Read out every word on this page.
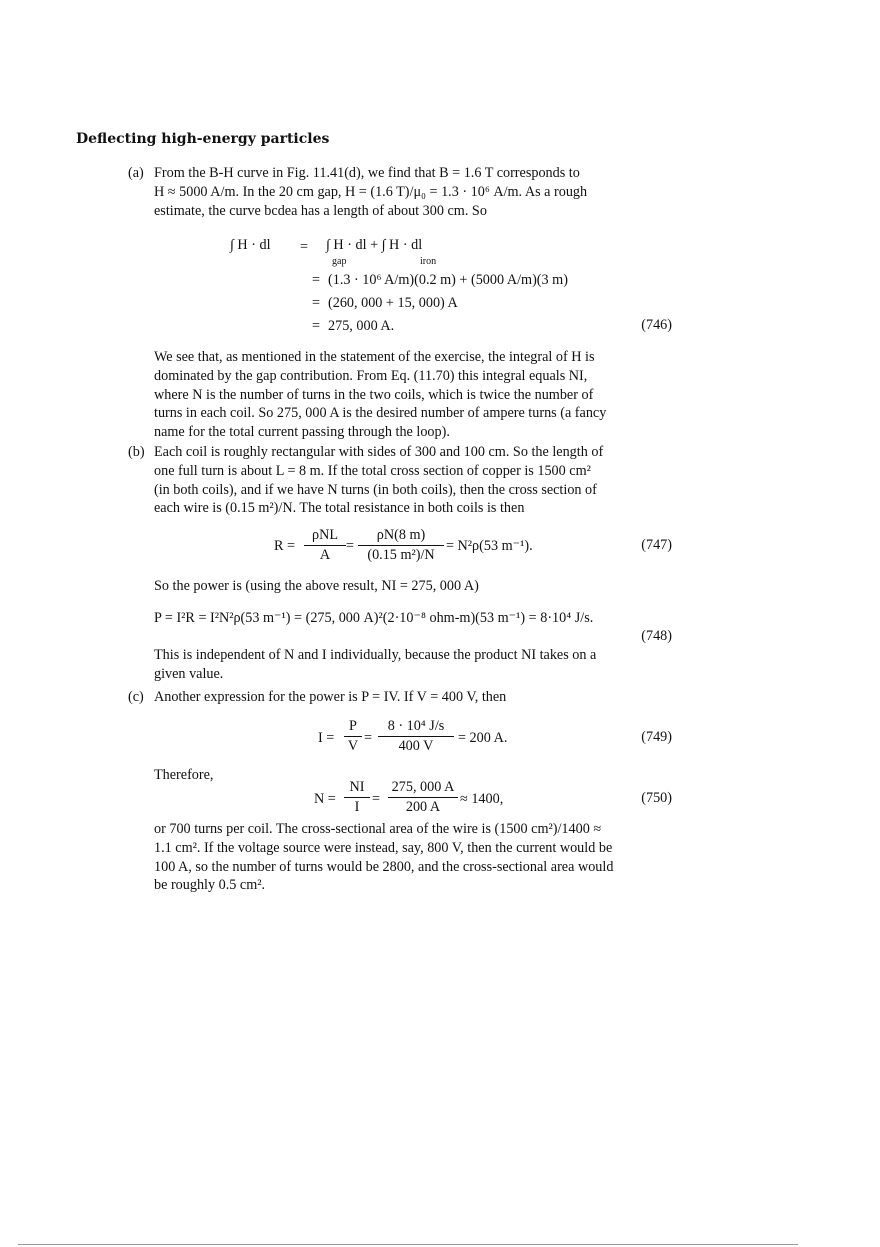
Deflecting high-energy particles
(a) From the B-H curve in Fig. 11.41(d), we find that B = 1.6 T corresponds to
H ≈ 5000 A/m. In the 20 cm gap, H = (1.6 T)/μ₀ = 1.3 · 10⁶ A/m. As a rough
estimate, the curve bcdea has a length of about 300 cm. So
∫ H · dl = ∫ H · dl + ∫ H · dl
gap	iron
= (1.3 · 10⁶ A/m)(0.2 m) + (5000 A/m)(3 m)
= (260, 000 + 15, 000) A
= 275, 000 A.	(746)
We see that, as mentioned in the statement of the exercise, the integral of H is
dominated by the gap contribution. From Eq. (11.70) this integral equals NI,
where N is the number of turns in the two coils, which is twice the number of
turns in each coil. So 275, 000 A is the desired number of ampere turns (a fancy
name for the total current passing through the loop).
(b) Each coil is roughly rectangular with sides of 300 and 100 cm. So the length of
one full turn is about L = 8 m. If the total cross section of copper is 1500 cm²
(in both coils), and if we have N turns (in both coils), then the cross section of
each wire is (0.15 m²)/N. The total resistance in both coils is then
R =
ρNL
A
=
ρN(8 m)
(0.15 m²)/N
= N²ρ(53 m⁻¹).	(747)
So the power is (using the above result, NI = 275, 000 A)
P = I²R = I²N²ρ(53 m⁻¹) = (275, 000 A)²(2·10⁻⁸ ohm-m)(53 m⁻¹) = 8·10⁴ J/s.
(748)
This is independent of N and I individually, because the product NI takes on a
given value.
(c) Another expression for the power is P = IV. If V = 400 V, then
I =
P
V =
8 · 10⁴ J/s
400 V	= 200 A.	(749)
Therefore,
N =
NI
I =
275, 000 A
200 A	≈ 1400,	(750)
or 700 turns per coil. The cross-sectional area of the wire is (1500 cm²)/1400 ≈
1.1 cm². If the voltage source were instead, say, 800 V, then the current would be
100 A, so the number of turns would be 2800, and the cross-sectional area would
be roughly 0.5 cm².
